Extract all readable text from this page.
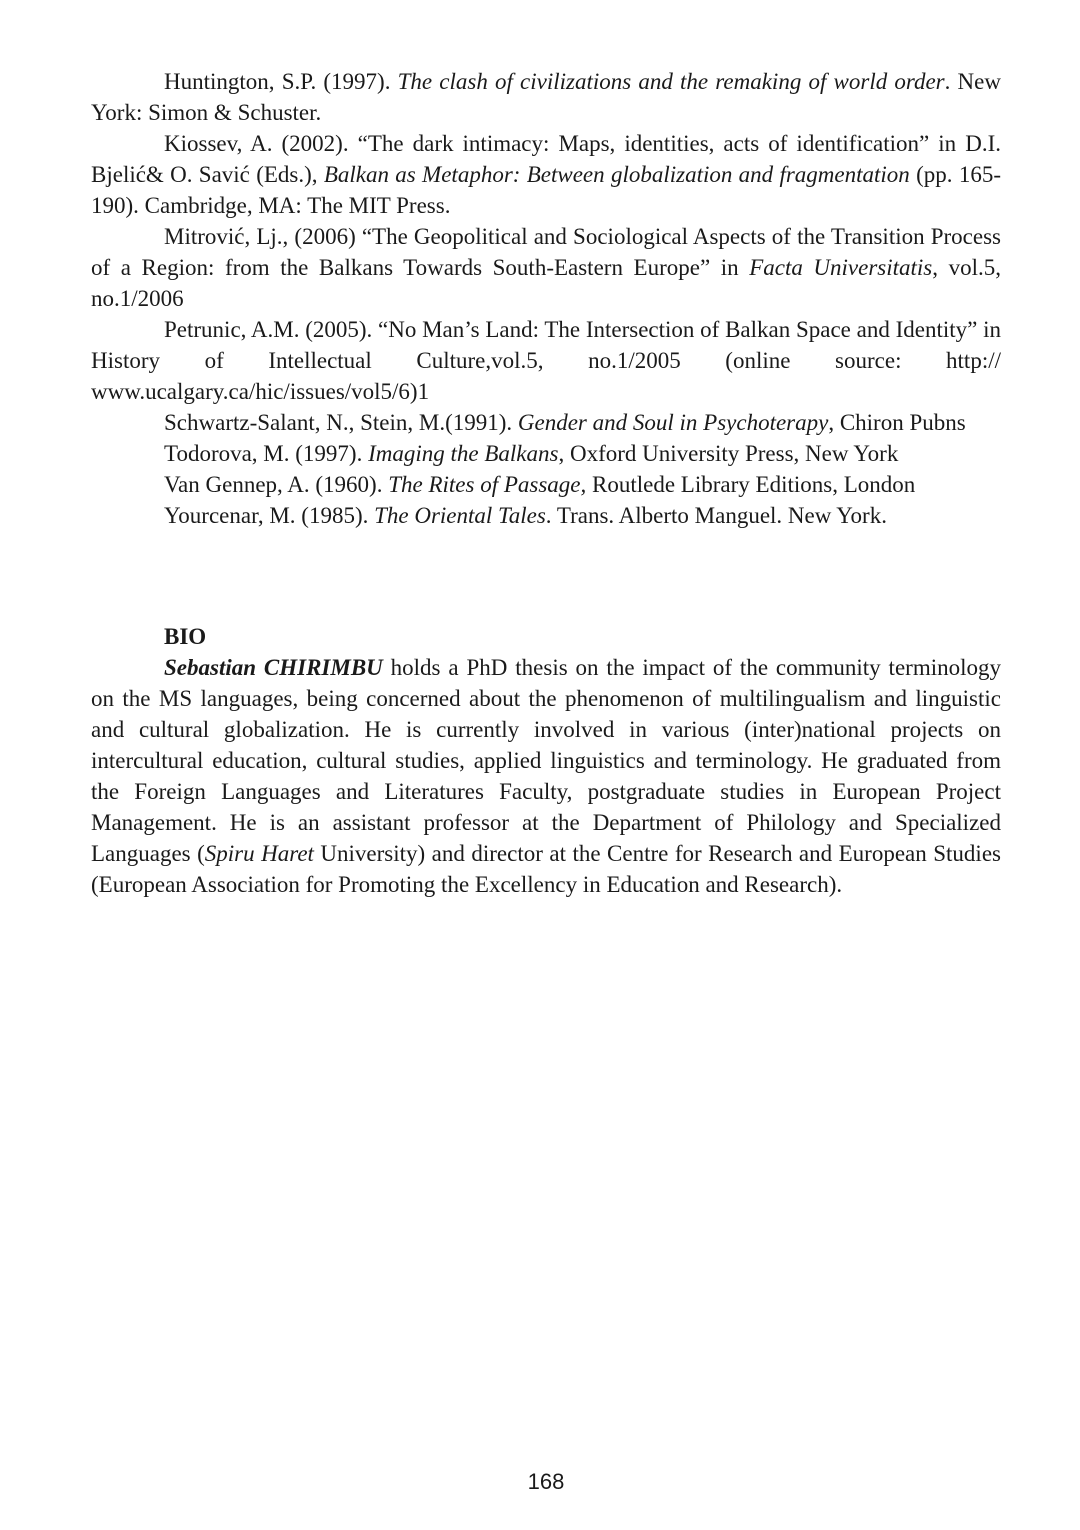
Huntington, S.P. (1997). The clash of civilizations and the remaking of world order. New York: Simon & Schuster.

Kiossev, A. (2002). “The dark intimacy: Maps, identities, acts of identification” in D.I. Bjelić& O. Savić (Eds.), Balkan as Metaphor: Between globalization and fragmentation (pp. 165-190). Cambridge, MA: The MIT Press.

Mitrović, Lj., (2006) “The Geopolitical and Sociological Aspects of the Transition Process of a Region: from the Balkans Towards South-Eastern Europe” in Facta Universitatis, vol.5, no.1/2006

Petrunic, A.M. (2005). “No Man’s Land: The Intersection of Balkan Space and Identity” in History of Intellectual Culture,vol.5, no.1/2005 (online source: http:// www.ucalgary.ca/hic/issues/vol5/6)1

Schwartz-Salant, N., Stein, M.(1991). Gender and Soul in Psychoterapy, Chiron Pubns

Todorova, M. (1997). Imaging the Balkans, Oxford University Press, New York

Van Gennep, A. (1960). The Rites of Passage, Routlede Library Editions, London

Yourcenar, M. (1985). The Oriental Tales. Trans. Alberto Manguel. New York.

BIO

Sebastian CHIRIMBU holds a PhD thesis on the impact of the community terminology on the MS languages, being concerned about the phenomenon of multilingualism and linguistic and cultural globalization. He is currently involved in various (inter)national projects on intercultural education, cultural studies, applied linguistics and terminology. He graduated from the Foreign Languages and Literatures Faculty, postgraduate studies in European Project Management. He is an assistant professor at the Department of Philology and Specialized Languages (Spiru Haret University) and director at the Centre for Research and European Studies (European Association for Promoting the Excellency in Education and Research).

168
